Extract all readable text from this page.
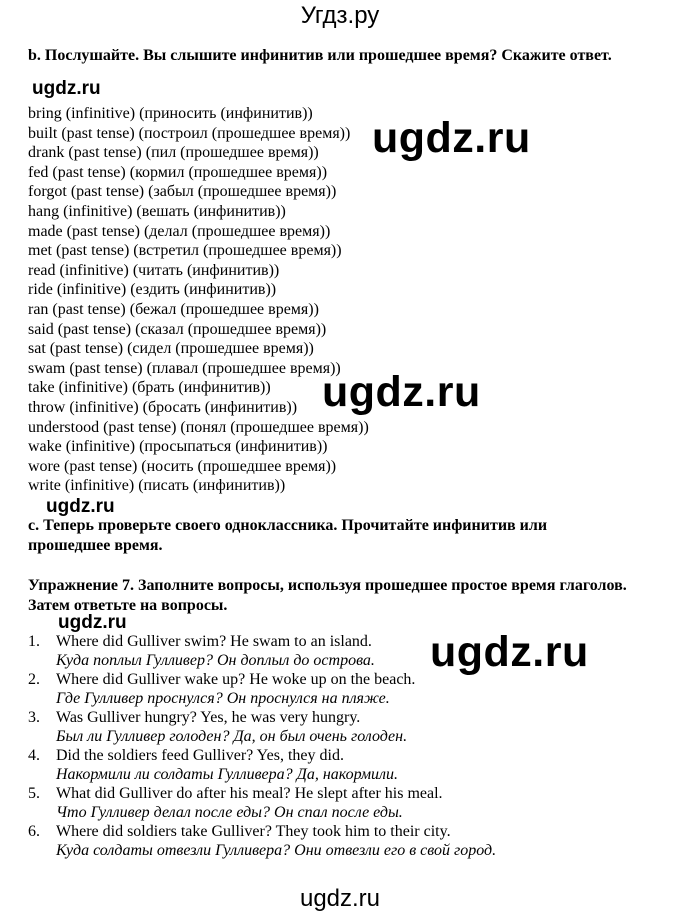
Угдз.ру
b. Послушайте. Вы слышите инфинитив или прошедшее время? Скажите ответ.
ugdz.ru
ugdz.ru
bring (infinitive) (приносить (инфинитив))
built (past tense) (построил (прошедшее время))
drank (past tense) (пил (прошедшее время))
fed (past tense) (кормил (прошедшее время))
forgot (past tense) (забыл (прошедшее время))
hang (infinitive) (вешать (инфинитив))
made (past tense) (делал (прошедшее время))
met (past tense) (встретил (прошедшее время))
read (infinitive) (читать (инфинитив))
ride (infinitive) (ездить (инфинитив))
ran (past tense) (бежал (прошедшее время))
said (past tense) (сказал (прошедшее время))
sat (past tense) (сидел (прошедшее время))
swam (past tense) (плавал (прошедшее время))
take (infinitive) (брать (инфинитив))
throw (infinitive) (бросать (инфинитив))
understood (past tense) (понял (прошедшее время))
wake (infinitive) (просыпаться (инфинитив))
wore (past tense) (носить (прошедшее время))
write (infinitive) (писать (инфинитив))
ugdz.ru
ugdz.ru
c. Теперь проверьте своего одноклассника. Прочитайте инфинитив или прошедшее время.
Упражнение 7. Заполните вопросы, используя прошедшее простое время глаголов. Затем ответьте на вопросы.
ugdz.ru
ugdz.ru
1. Where did Gulliver swim? He swam to an island.
Куда поплыл Гулливер? Он доплыл до острова.
2. Where did Gulliver wake up? He woke up on the beach.
Где Гулливер проснулся? Он проснулся на пляже.
3. Was Gulliver hungry? Yes, he was very hungry.
Был ли Гулливер голоден? Да, он был очень голоден.
4. Did the soldiers feed Gulliver? Yes, they did.
Накормили ли солдаты Гулливера? Да, накормили.
5. What did Gulliver do after his meal? He slept after his meal.
Что Гулливер делал после еды? Он спал после еды.
6. Where did soldiers take Gulliver? They took him to their city.
Куда солдаты отвезли Гулливера? Они отвезли его в свой город.
ugdz.ru
